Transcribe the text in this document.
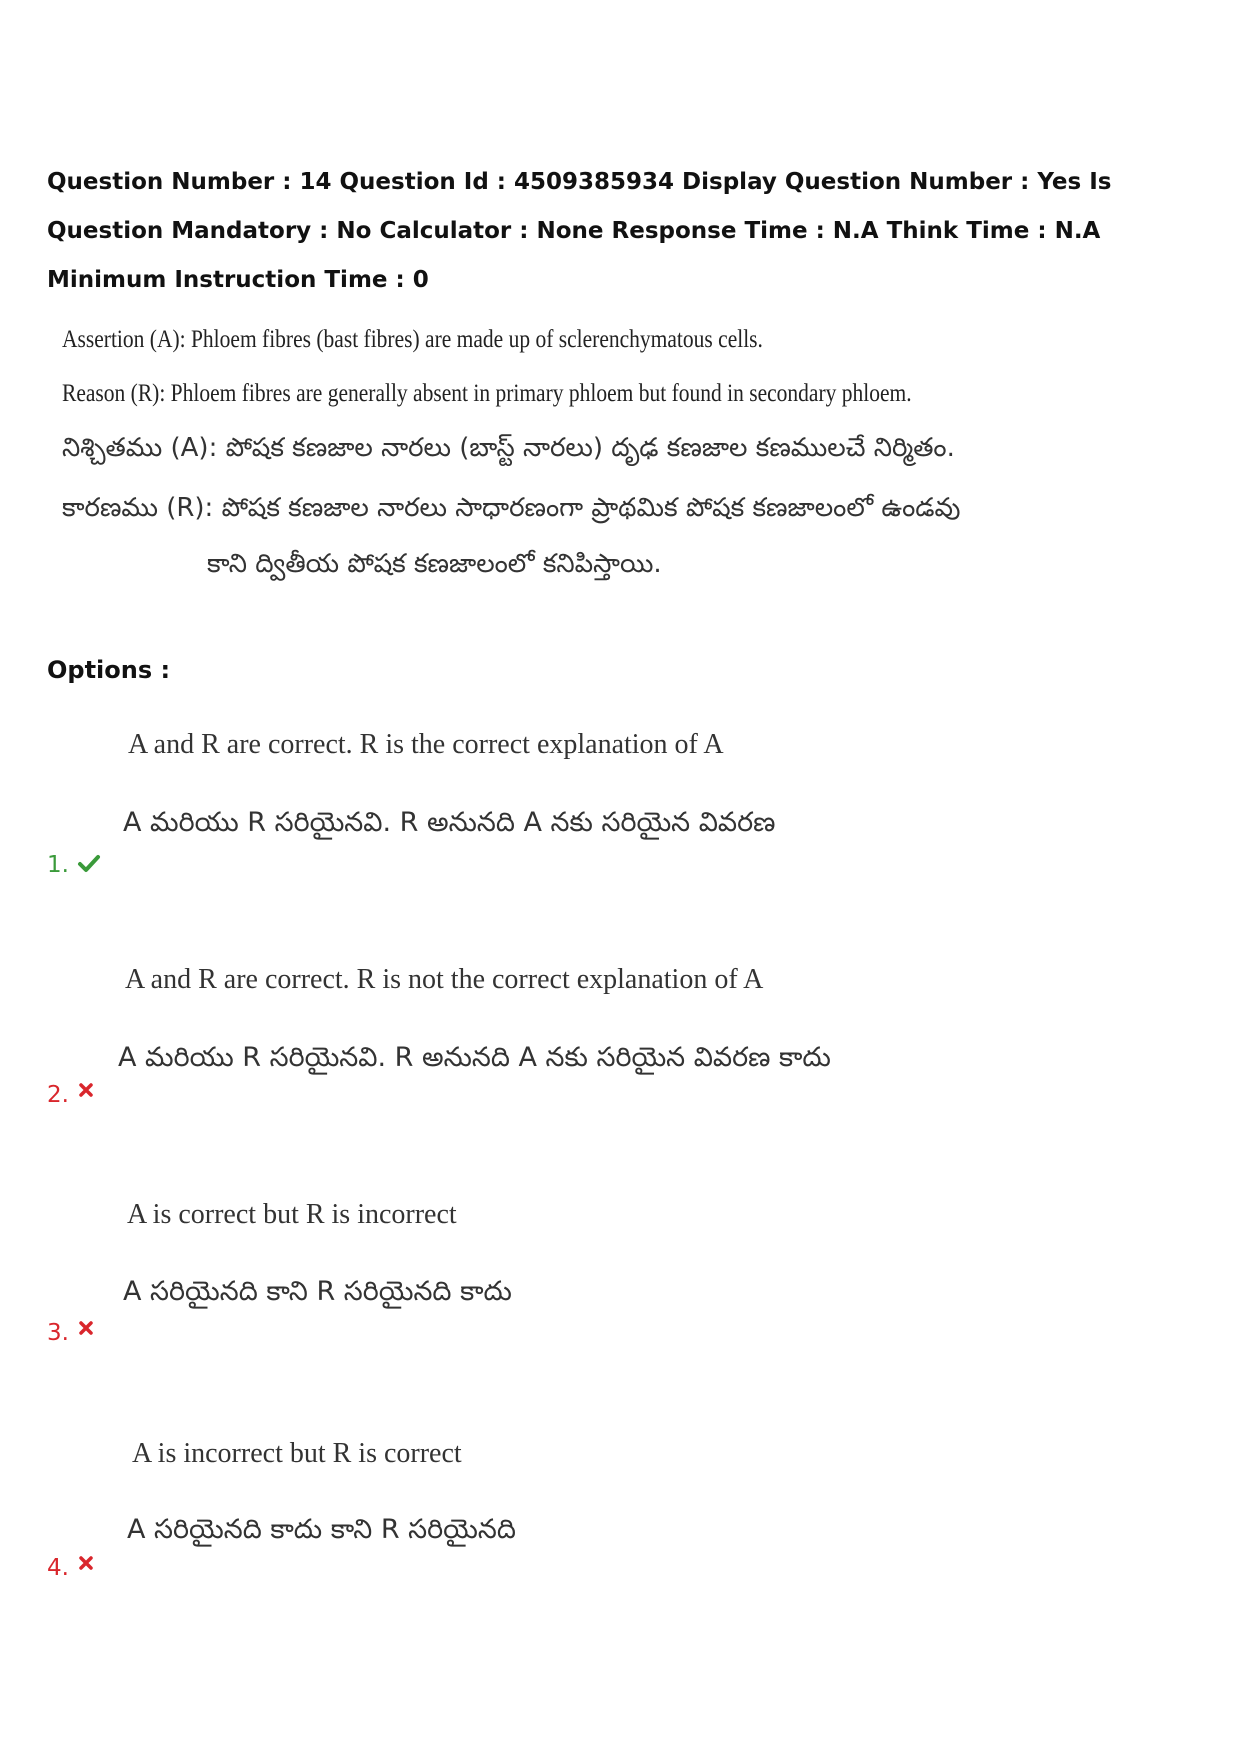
Question Number : 14 Question Id : 4509385934 Display Question Number : Yes Is Question Mandatory : No Calculator : None Response Time : N.A Think Time : N.A Minimum Instruction Time : 0
Assertion (A): Phloem fibres (bast fibres) are made up of sclerenchymatous cells.
Reason (R): Phloem fibres are generally absent in primary phloem but found in secondary phloem.
నిశ్చితము (A): పోషక కణజాల నారలు (బాస్ట్ నారలు) దృఢ కణజాల కణములచే నిర్మితం.
కారణము (R): పోషక కణజాల నారలు సాధారణంగా ప్రాథమిక పోషక కణజాలంలో ఉండవు
కాని ద్వితీయ పోషక కణజాలంలో కనిపిస్తాయి.
Options :
A and R are correct. R is the correct explanation of A
A మరియు R సరియైనవి. R అనునది A నకు సరియైన వివరణ
1.
A and R are correct. R is not the correct explanation of A
A మరియు R సరియైనవి. R అనునది A నకు సరియైన వివరణ కాదు
2.
A is correct but R is incorrect
A సరియైనది కాని R సరియైనది కాదు
3.
A is incorrect but R is correct
A సరియైనది కాదు కాని R సరియైనది
4.
